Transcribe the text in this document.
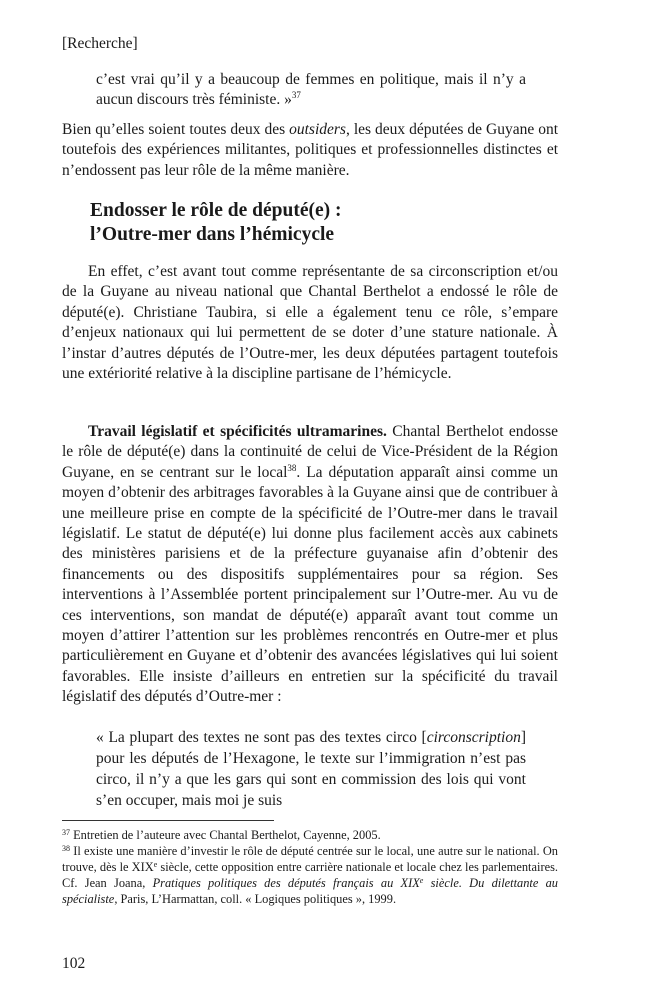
[Recherche]
c’est vrai qu’il y a beaucoup de femmes en politique, mais il n’y a aucun discours très féministe. »$^{37}$

Bien qu’elles soient toutes deux des outsiders, les deux députées de Guyane ont toutefois des expériences militantes, politiques et professionnelles distinctes et n’endossent pas leur rôle de la même manière.

Endosser le rôle de député(e) :
l’Outre-mer dans l’hémicycle

En effet, c’est avant tout comme représentante de sa circonscription et/ou de la Guyane au niveau national que Chantal Berthelot a endossé le rôle de député(e). Christiane Taubira, si elle a également tenu ce rôle, s’empare d’enjeux nationaux qui lui permettent de se doter d’une stature nationale. À l’instar d’autres députés de l’Outre-mer, les deux députées partagent toutefois une extériorité relative à la discipline partisane de l’hémicycle.

Travail législatif et spécificités ultramarines. Chantal Berthelot endosse le rôle de député(e) dans la continuité de celui de Vice-Président de la Région Guyane, en se centrant sur le local$^{38}$. La députation apparaît ainsi comme un moyen d’obtenir des arbitrages favorables à la Guyane ainsi que de contribuer à une meilleure prise en compte de la spécificité de l’Outre-mer dans le travail législatif. Le statut de député(e) lui donne plus facilement accès aux cabinets des ministères parisiens et de la préfecture guyanaise afin d’obtenir des financements ou des dispositifs supplémentaires pour sa région. Ses interventions à l’Assemblée portent principalement sur l’Outre-mer. Au vu de ces interventions, son mandat de député(e) apparaît avant tout comme un moyen d’attirer l’attention sur les problèmes rencontrés en Outre-mer et plus particulièrement en Guyane et d’obtenir des avancées législatives qui lui soient favorables. Elle insiste d’ailleurs en entretien sur la spécificité du travail législatif des députés d’Outre-mer :

« La plupart des textes ne sont pas des textes circo [circonscription] pour les députés de l’Hexagone, le texte sur l’immigration n’est pas circo, il n’y a que les gars qui sont en commission des lois qui vont s’en occuper, mais moi je suis

$^{37}$ Entretien de l’auteure avec Chantal Berthelot, Cayenne, 2005.

$^{38}$ Il existe une manière d’investir le rôle de député centrée sur le local, une autre sur le national. On trouve, dès le XIXe siècle, cette opposition entre carrière nationale et locale chez les parlementaires. Cf. Jean Joana, Pratiques politiques des députés français au XIXe siècle. Du dilettante au spécialiste, Paris, L’Harmattan, coll. « Logiques politiques », 1999.

102
